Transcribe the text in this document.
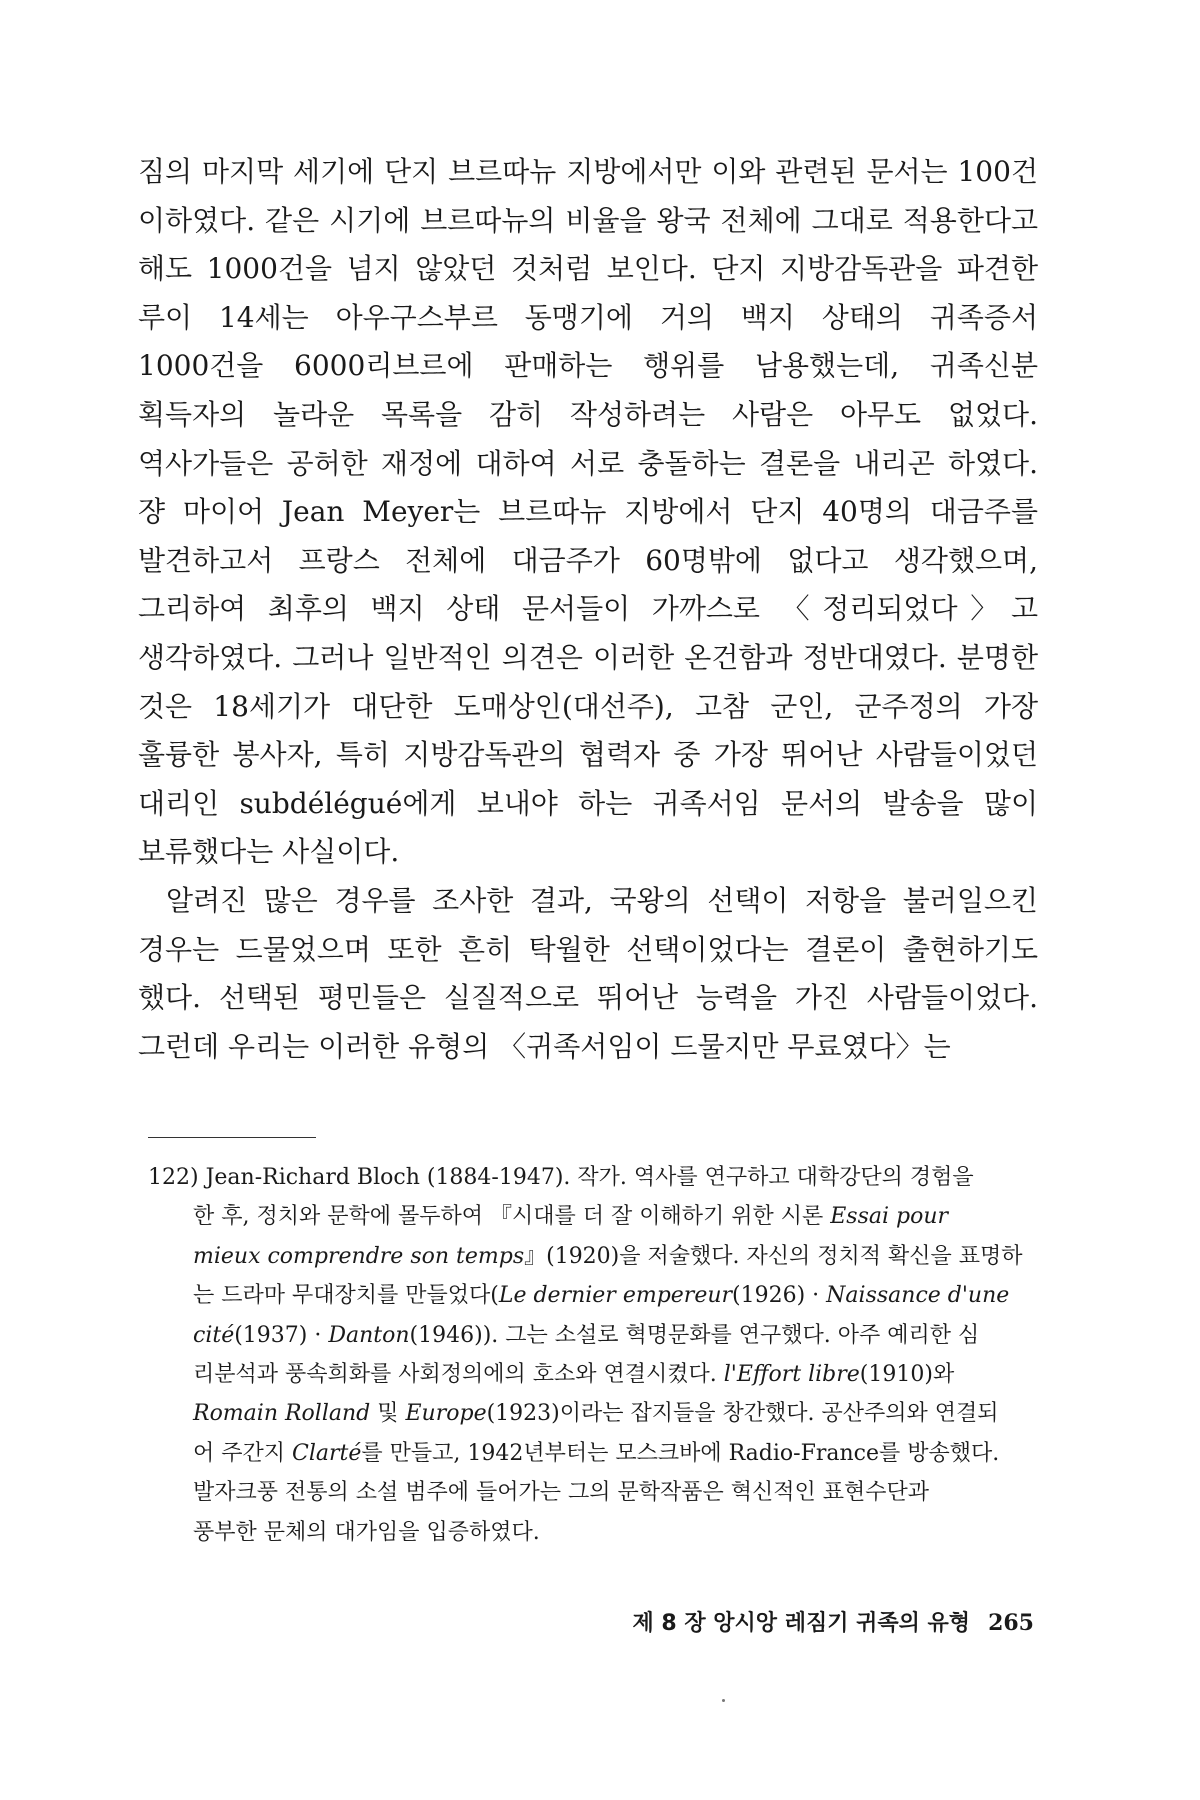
짐의 마지막 세기에 단지 브르따뉴 지방에서만 이와 관련된 문서는 100건 이하였다. 같은 시기에 브르따뉴의 비율을 왕국 전체에 그대로 적용한다고 해도 1000건을 넘지 않았던 것처럼 보인다. 단지 지방감독관을 파견한 루이 14세는 아우구스부르 동맹기에 거의 백지 상태의 귀족증서 1000건을 6000리브르에 판매하는 행위를 남용했는데, 귀족신분 획득자의 놀라운 목록을 감히 작성하려는 사람은 아무도 없었다. 역사가들은 공허한 재정에 대하여 서로 충돌하는 결론을 내리곤 하였다. 쟝 마이어 Jean Meyer는 브르따뉴 지방에서 단지 40명의 대금주를 발견하고서 프랑스 전체에 대금주가 60명밖에 없다고 생각했으며, 그리하여 최후의 백지 상태 문서들이 가까스로 〈정리되었다〉고 생각하였다. 그러나 일반적인 의견은 이러한 온건함과 정반대였다. 분명한 것은 18세기가 대단한 도매상인(대선주), 고참 군인, 군주정의 가장 훌륭한 봉사자, 특히 지방감독관의 협력자 중 가장 뛰어난 사람들이었던 대리인 subdélégué에게 보내야 하는 귀족서임 문서의 발송을 많이 보류했다는 사실이다.

알려진 많은 경우를 조사한 결과, 국왕의 선택이 저항을 불러일으킨 경우는 드물었으며 또한 흔히 탁월한 선택이었다는 결론이 출현하기도 했다. 선택된 평민들은 실질적으로 뛰어난 능력을 가진 사람들이었다. 그런데 우리는 이러한 유형의 〈귀족서임이 드물지만 무료였다〉는

122) Jean-Richard Bloch (1884-1947). 작가. 역사를 연구하고 대학강단의 경험을
한 후, 정치와 문학에 몰두하여 『시대를 더 잘 이해하기 위한 시론 Essai pour
mieux comprendre son temps』(1920)을 저술했다. 자신의 정치적 확신을 표명하
는 드라마 무대장치를 만들었다(Le dernier empereur(1926) · Naissance d'une
cité(1937) · Danton(1946)). 그는 소설로 혁명문화를 연구했다. 아주 예리한 심
리분석과 풍속희화를 사회정의에의 호소와 연결시켰다. l'Effort libre(1910)와
Romain Rolland 및 Europe(1923)이라는 잡지들을 창간했다. 공산주의와 연결되
어 주간지 Clarté를 만들고, 1942년부터는 모스크바에 Radio-France를 방송했다.
발자크풍 전통의 소설 범주에 들어가는 그의 문학작품은 혁신적인 표현수단과
풍부한 문체의 대가임을 입증하였다.
제 8 장 앙시앙 레짐기 귀족의 유형 265
